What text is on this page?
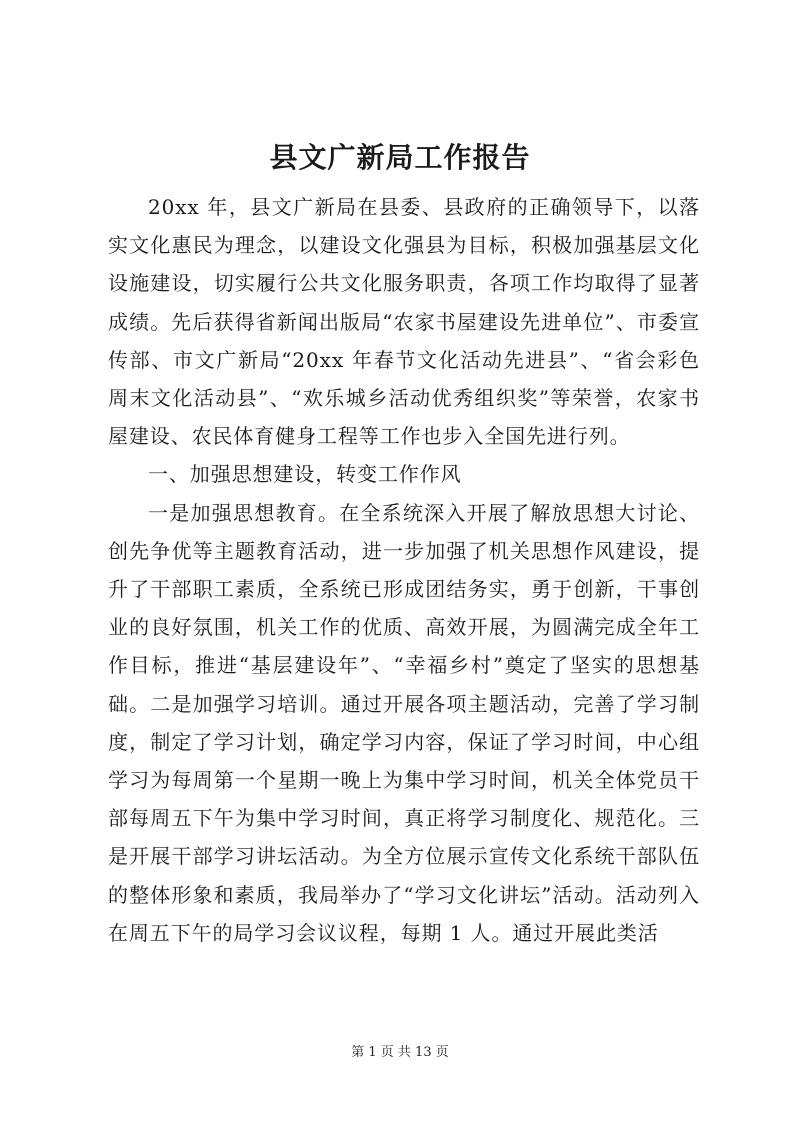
县文广新局工作报告

20xx 年，县文广新局在县委、县政府的正确领导下，以落实文化惠民为理念，以建设文化强县为目标，积极加强基层文化设施建设，切实履行公共文化服务职责，各项工作均取得了显著成绩。先后获得省新闻出版局“农家书屋建设先进单位”、市委宣传部、市文广新局“20xx 年春节文化活动先进县”、“省会彩色周末文化活动县”、“欢乐城乡活动优秀组织奖”等荣誉，农家书屋建设、农民体育健身工程等工作也步入全国先进行列。

一、加强思想建设，转变工作作风

一是加强思想教育。在全系统深入开展了解放思想大讨论、创先争优等主题教育活动，进一步加强了机关思想作风建设，提升了干部职工素质，全系统已形成团结务实，勇于创新，干事创业的良好氛围，机关工作的优质、高效开展，为圆满完成全年工作目标，推进“基层建设年”、“幸福乡村”奠定了坚实的思想基础。二是加强学习培训。通过开展各项主题活动，完善了学习制度，制定了学习计划，确定学习内容，保证了学习时间，中心组学习为每周第一个星期一晚上为集中学习时间，机关全体党员干部每周五下午为集中学习时间，真正将学习制度化、规范化。三是开展干部学习讲坛活动。为全方位展示宣传文化系统干部队伍的整体形象和素质，我局举办了“学习文化讲坛”活动。活动列入在周五下午的局学习会议议程，每期 1 人。通过开展此类活

第 1 页 共 13 页
